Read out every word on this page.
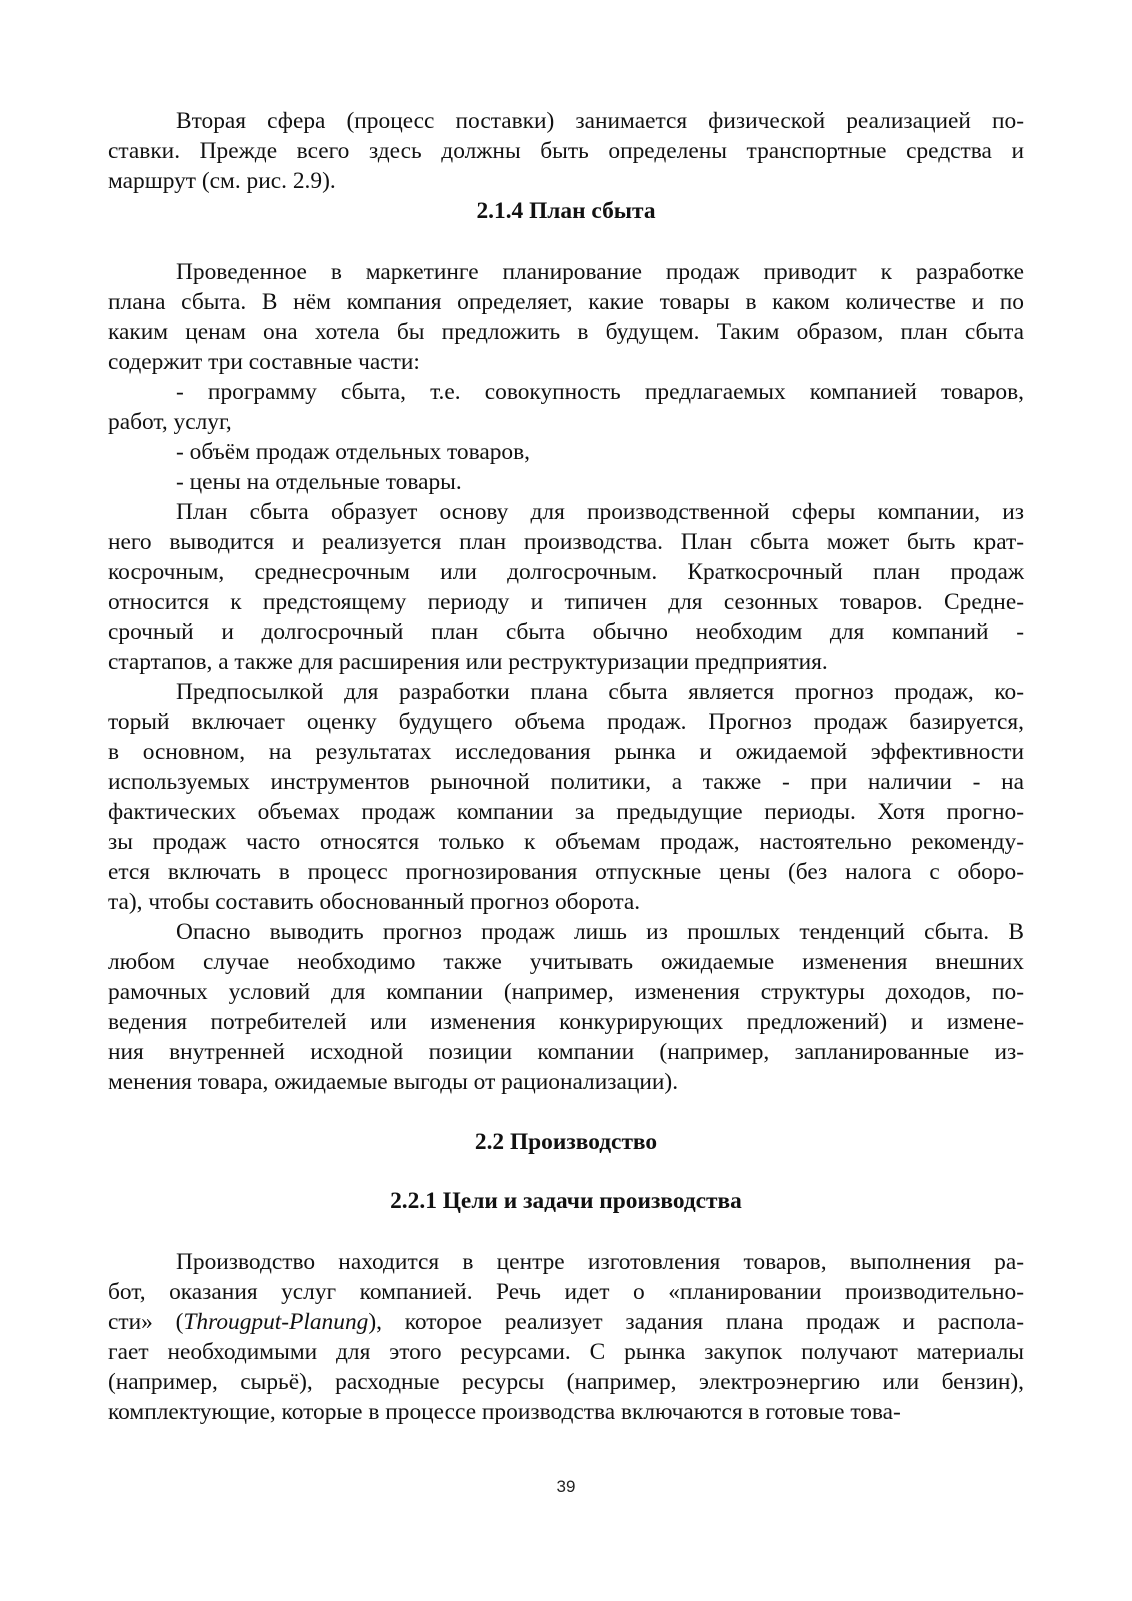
39
Вторая сфера (процесс поставки) занимается физической реализацией по-
ставки. Прежде всего здесь должны быть определены транспортные средства и
маршрут (см. рис. 2.9).
2.1.4 План сбыта
Проведенное в маркетинге планирование продаж приводит к разработке
плана сбыта. В нём компания определяет, какие товары в каком количестве и по
каким ценам она хотела бы предложить в будущем. Таким образом, план сбыта
содержит три составные части:
- программу сбыта, т.е. совокупность предлагаемых компанией товаров,
работ, услуг,
- объём продаж отдельных товаров,
- цены на отдельные товары.
План сбыта образует основу для производственной сферы компании, из
него выводится и реализуется план производства. План сбыта может быть крат-
косрочным, среднесрочным или долгосрочным. Краткосрочный план продаж
относится к предстоящему периоду и типичен для сезонных товаров. Средне-
срочный и долгосрочный план сбыта обычно необходим для компаний -
стартапов, а также для расширения или реструктуризации предприятия.
Предпосылкой для разработки плана сбыта является прогноз продаж, ко-
торый включает оценку будущего объема продаж. Прогноз продаж базируется,
в основном, на результатах исследования рынка и ожидаемой эффективности
используемых инструментов рыночной политики, а также - при наличии - на
фактических объемах продаж компании за предыдущие периоды. Хотя прогно-
зы продаж часто относятся только к объемам продаж, настоятельно рекоменду-
ется включать в процесс прогнозирования отпускные цены (без налога с оборо-
та), чтобы составить обоснованный прогноз оборота.
Опасно выводить прогноз продаж лишь из прошлых тенденций сбыта. В
любом случае необходимо также учитывать ожидаемые изменения внешних
рамочных условий для компании (например, изменения структуры доходов, по-
ведения потребителей или изменения конкурирующих предложений) и измене-
ния внутренней исходной позиции компании (например, запланированные из-
менения товара, ожидаемые выгоды от рационализации).
2.2 Производство
2.2.1 Цели и задачи производства
Производство находится в центре изготовления товаров, выполнения ра-
бот, оказания услуг компанией. Речь идет о «планировании производительно-
сти» (Througput-Planung), которое реализует задания плана продаж и распола-
гает необходимыми для этого ресурсами. С рынка закупок получают материалы
(например, сырьё), расходные ресурсы (например, электроэнергию или бензин),
комплектующие, которые в процессе производства включаются в готовые това-
